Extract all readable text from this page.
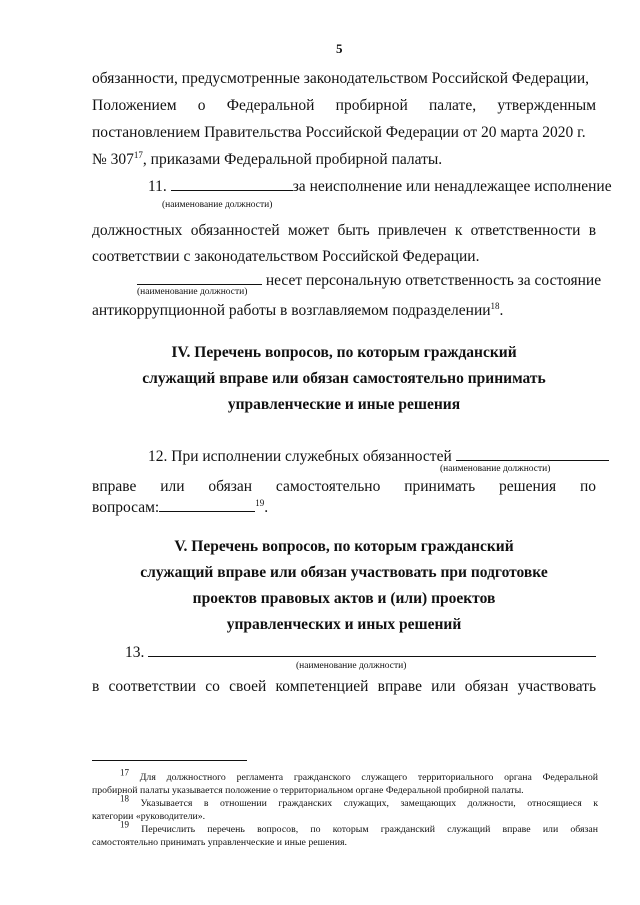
5
обязанности, предусмотренные законодательством Российской Федерации,
Положением о Федеральной пробирной палате, утвержденным
постановлением Правительства Российской Федерации от 20 марта 2020 г.
№ $307^{17}$, приказами Федеральной пробирной палаты.
11.	за неисполнение или ненадлежащее исполнение
(наименование должности)
должностных обязанностей может быть привлечен к ответственности в
соответствии с законодательством Российской Федерации.
несет персональную ответственность за состояние
(наименование должности)
антикоррупционной работы в возглавляемом подразделении$^{18}$.
IV. Перечень вопросов, по которым гражданский
служащий вправе или обязан самостоятельно принимать
управленческие и иные решения
12. При исполнении служебных обязанностей
(наименование должности)
вправе или обязан самостоятельно принимать решения по
вопросам:	$^{19}$.
V. Перечень вопросов, по которым гражданский
служащий вправе или обязан участвовать при подготовке
проектов правовых актов и (или) проектов
управленческих и иных решений
13.
(наименование должности)
в соответствии со своей компетенцией вправе или обязан участвовать
$^{17}$ Для должностного регламента гражданского служащего территориального органа Федеральной
пробирной палаты указывается положение о территориальном органе Федеральной пробирной палаты.
$^{18}$ Указывается в отношении гражданских служащих, замещающих должности, относящиеся к
категории «руководители».
$^{19}$ Перечислить перечень вопросов, по которым гражданский служащий вправе или обязан
самостоятельно принимать управленческие и иные решения.
